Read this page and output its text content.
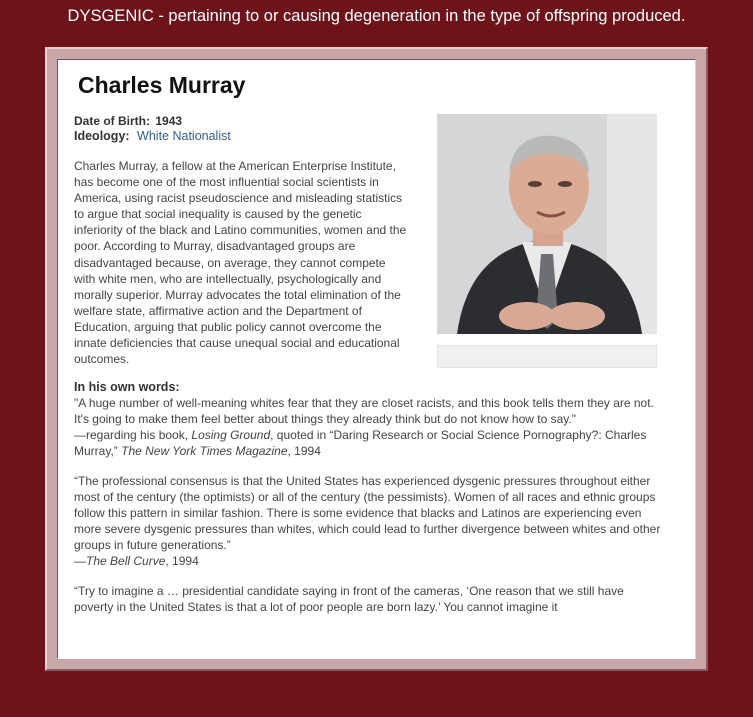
DYSGENIC - pertaining to or causing degeneration in the type of offspring produced.
Charles Murray
Date of Birth: 1943
Ideology: White Nationalist
Charles Murray, a fellow at the American Enterprise Institute, has become one of the most influential social scientists in America, using racist pseudoscience and misleading statistics to argue that social inequality is caused by the genetic inferiority of the black and Latino communities, women and the poor. According to Murray, disadvantaged groups are disadvantaged because, on average, they cannot compete with white men, who are intellectually, psychologically and morally superior. Murray advocates the total elimination of the welfare state, affirmative action and the Department of Education, arguing that public policy cannot overcome the innate deficiencies that cause unequal social and educational outcomes.
In his own words:

"A huge number of well-meaning whites fear that they are closet racists, and this book tells them they are not. It's going to make them feel better about things they already think but do not know how to say."

—regarding his book, Losing Ground, quoted in “Daring Research or Social Science Pornography?: Charles Murray,” The New York Times Magazine, 1994

“The professional consensus is that the United States has experienced dysgenic pressures throughout either most of the century (the optimists) or all of the century (the pessimists). Women of all races and ethnic groups follow this pattern in similar fashion. There is some evidence that blacks and Latinos are experiencing even more severe dysgenic pressures than whites, which could lead to further divergence between whites and other groups in future generations.”

—The Bell Curve, 1994

“Try to imagine a … presidential candidate saying in front of the cameras, ‘One reason that we still have poverty in the United States is that a lot of poor people are born lazy.’ You cannot imagine it
